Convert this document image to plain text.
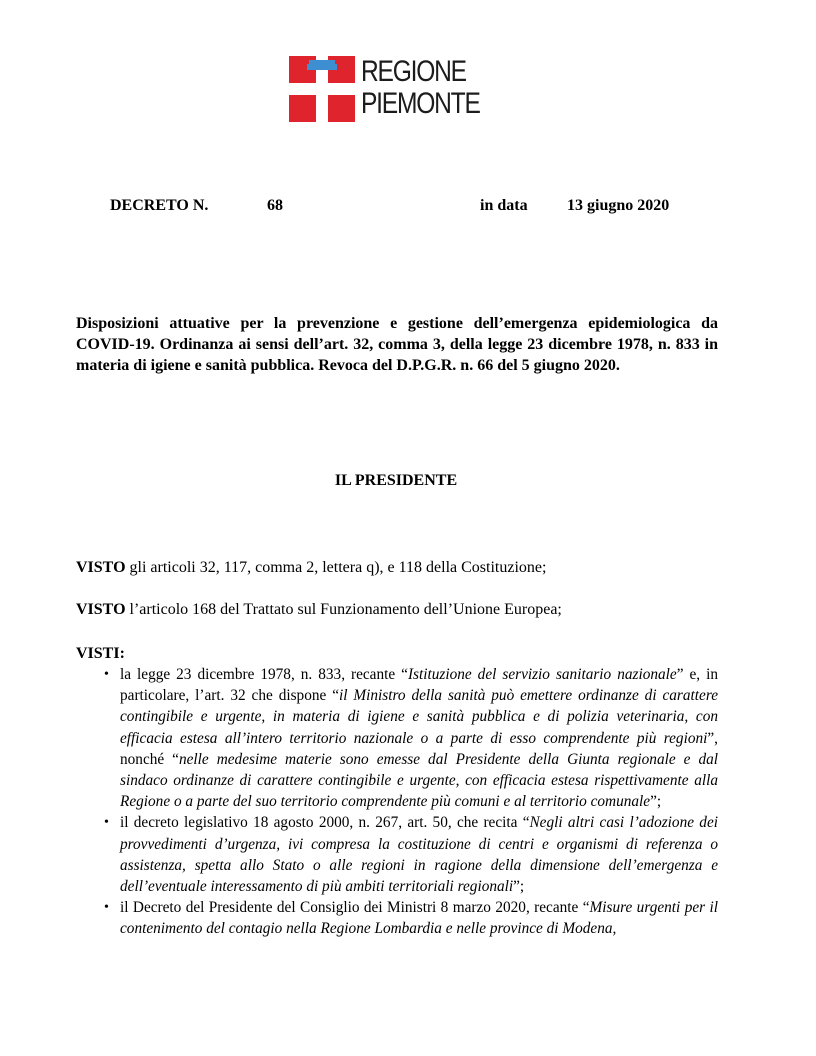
REGIONE
PIEMONTE
DECRETO N.	68	in data 13 giugno 2020
Disposizioni attuative per la prevenzione e gestione dell’emergenza epidemiologica da COVID-19. Ordinanza ai sensi dell’art. 32, comma 3, della legge 23 dicembre 1978, n. 833 in materia di igiene e sanità pubblica. Revoca del D.P.G.R. n. 66 del 5 giugno 2020.
IL PRESIDENTE
VISTO gli articoli 32, 117, comma 2, lettera q), e 118 della Costituzione;
VISTO l’articolo 168 del Trattato sul Funzionamento dell’Unione Europea;
VISTI:
• la legge 23 dicembre 1978, n. 833, recante “Istituzione del servizio sanitario nazionale” e, in particolare, l’art. 32 che dispone “il Ministro della sanità può emettere ordinanze di carattere contingibile e urgente, in materia di igiene e sanità pubblica e di polizia veterinaria, con efficacia estesa all’intero territorio nazionale o a parte di esso comprendente più regioni”, nonché “nelle medesime materie sono emesse dal Presidente della Giunta regionale e dal sindaco ordinanze di carattere contingibile e urgente, con efficacia estesa rispettivamente alla Regione o a parte del suo territorio comprendente più comuni e al territorio comunale”;
• il decreto legislativo 18 agosto 2000, n. 267, art. 50, che recita “Negli altri casi l’adozione dei provvedimenti d’urgenza, ivi compresa la costituzione di centri e organismi di referenza o assistenza, spetta allo Stato o alle regioni in ragione della dimensione dell’emergenza e dell’eventuale interessamento di più ambiti territoriali regionali”;
• il Decreto del Presidente del Consiglio dei Ministri 8 marzo 2020, recante “Misure urgenti per il contenimento del contagio nella Regione Lombardia e nelle province di Modena,
